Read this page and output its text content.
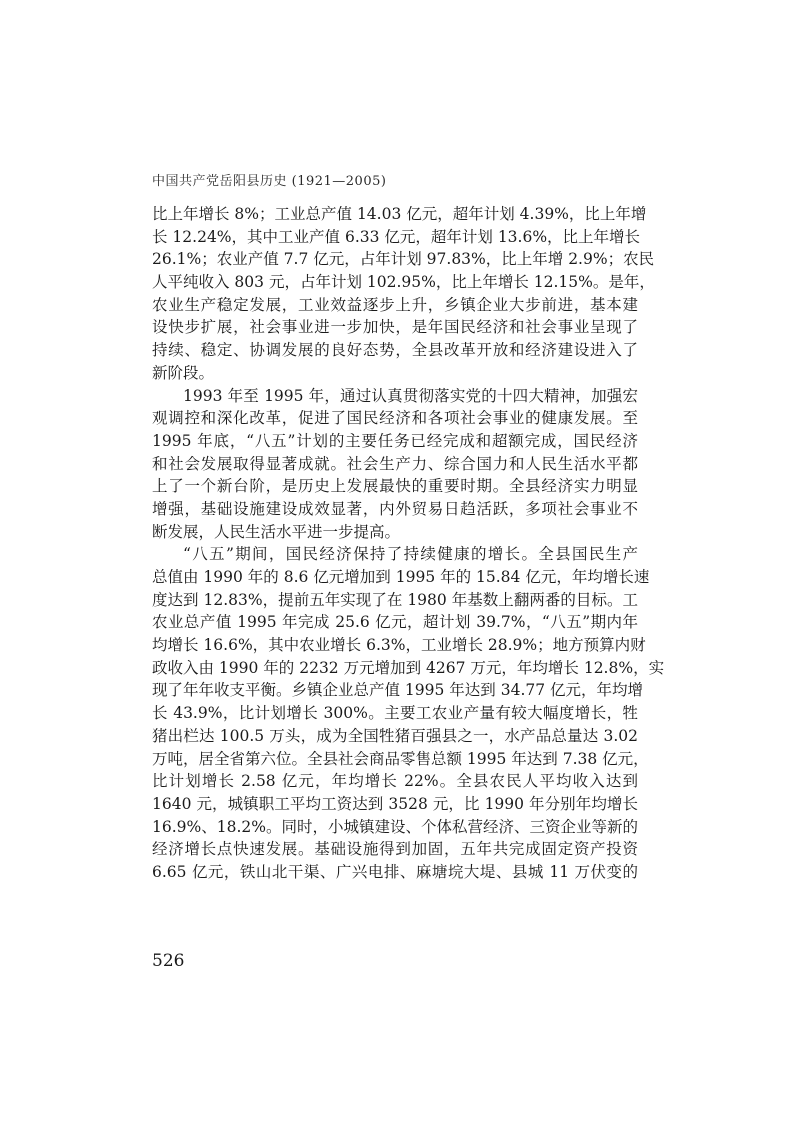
中国共产党岳阳县历史 (1921—2005)
比上年增长 8%；工业总产值 14.03 亿元，超年计划 4.39%，比上年增
长 12.24%，其中工业产值 6.33 亿元，超年计划 13.6%，比上年增长
26.1%；农业产值 7.7 亿元，占年计划 97.83%，比上年增 2.9%；农民
人平纯收入 803 元，占年计划 102.95%，比上年增长 12.15%。是年，
农业生产稳定发展，工业效益逐步上升，乡镇企业大步前进，基本建
设快步扩展，社会事业进一步加快，是年国民经济和社会事业呈现了
持续、稳定、协调发展的良好态势，全县改革开放和经济建设进入了
新阶段。
1993 年至 1995 年，通过认真贯彻落实党的十四大精神，加强宏
观调控和深化改革，促进了国民经济和各项社会事业的健康发展。至
1995 年底，“八五”计划的主要任务已经完成和超额完成，国民经济
和社会发展取得显著成就。社会生产力、综合国力和人民生活水平都
上了一个新台阶，是历史上发展最快的重要时期。全县经济实力明显
增强，基础设施建设成效显著，内外贸易日趋活跃，多项社会事业不
断发展，人民生活水平进一步提高。
“八五”期间，国民经济保持了持续健康的增长。全县国民生产
总值由 1990 年的 8.6 亿元增加到 1995 年的 15.84 亿元，年均增长速
度达到 12.83%，提前五年实现了在 1980 年基数上翻两番的目标。工
农业总产值 1995 年完成 25.6 亿元，超计划 39.7%，“八五”期内年
均增长 16.6%，其中农业增长 6.3%，工业增长 28.9%；地方预算内财
政收入由 1990 年的 2232 万元增加到 4267 万元，年均增长 12.8%，实
现了年年收支平衡。乡镇企业总产值 1995 年达到 34.77 亿元，年均增
长 43.9%，比计划增长 300%。主要工农业产量有较大幅度增长，牲
猪出栏达 100.5 万头，成为全国牲猪百强县之一，水产品总量达 3.02
万吨，居全省第六位。全县社会商品零售总额 1995 年达到 7.38 亿元，
比计划增长 2.58 亿元，年均增长 22%。全县农民人平均收入达到
1640 元，城镇职工平均工资达到 3528 元，比 1990 年分别年均增长
16.9%、18.2%。同时，小城镇建设、个体私营经济、三资企业等新的
经济增长点快速发展。基础设施得到加固，五年共完成固定资产投资
6.65 亿元，铁山北干渠、广兴电排、麻塘垸大堤、县城 11 万伏变的
526
